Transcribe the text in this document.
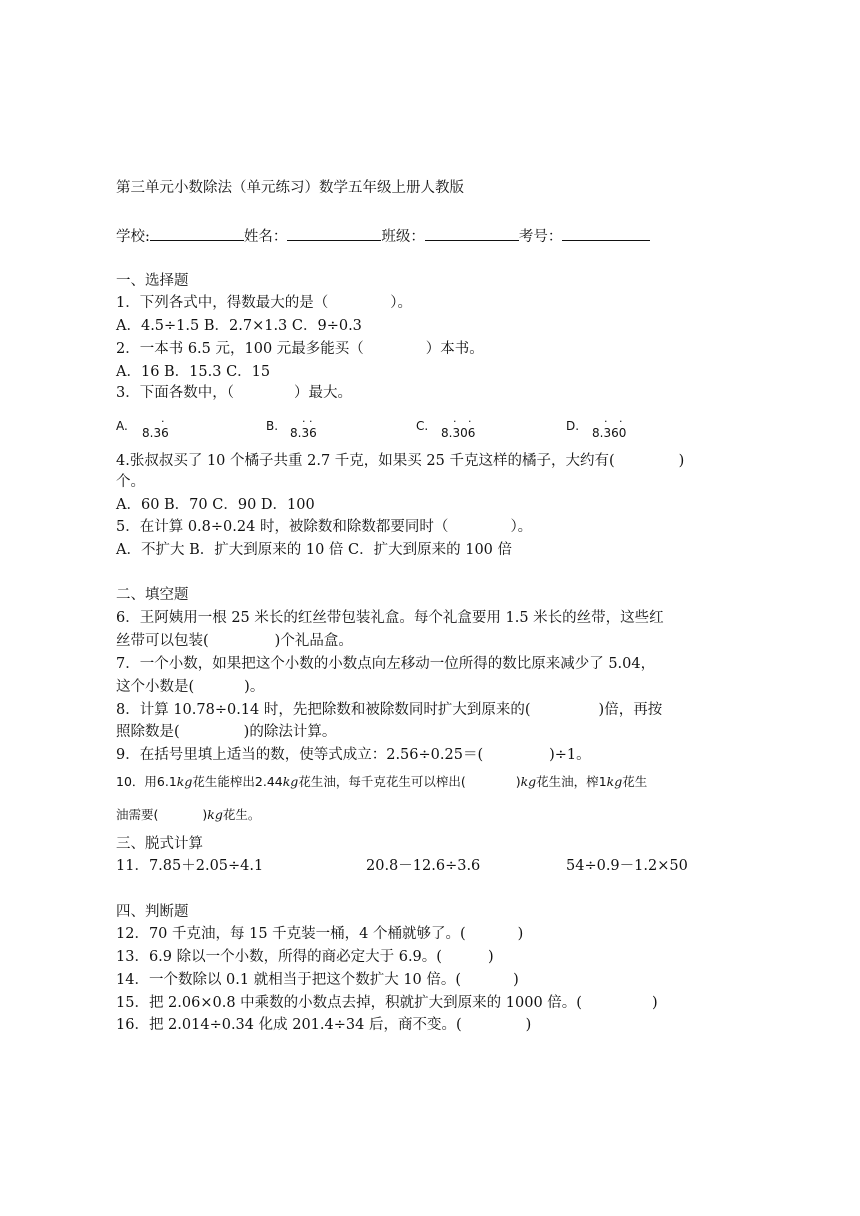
第三单元小数除法（单元练习）数学五年级上册人教版
学校:	姓名：	班级：	考号：
一、选择题
1．下列各式中，得数最大的是（	）。
A．4.5÷1.5 B．2.7×1.3 C．9÷0.3
2．一本书 6.5 元，100 元最多能买（	）本书。
A．16 B．15.3 C．15
3．下面各数中，（	）最大。
A. 8.36
·	B. 8.36
· ·	C. 8.306
· ·	D. 8.360
· ·
4.张叔叔买了 10 个橘子共重 2.7 千克，如果买 25 千克这样的橘子，大约有(	)
个。
A．60 B．70 C．90 D．100
5．在计算 0.8÷0.24 时，被除数和除数都要同时（	）。
A．不扩大 B．扩大到原来的 10 倍 C．扩大到原来的 100 倍
二、填空题
6．王阿姨用一根 25 米长的红丝带包装礼盒。每个礼盒要用 1.5 米长的丝带，这些红
丝带可以包装(	)个礼品盒。
7．一个小数，如果把这个小数的小数点向左移动一位所得的数比原来减少了 5.04，
这个小数是(	)。
8．计算 10.78÷0.14 时，先把除数和被除数同时扩大到原来的(	)倍，再按
照除数是(	)的除法计算。
9．在括号里填上适当的数，使等式成立：2.56÷0.25＝(	)÷1。
10．用6.1kg花生能榨出2.44kg花生油，每千克花生可以榨出(	)kg花生油，榨1kg花生
油需要(	)kg花生。
三、脱式计算
11．7.85＋2.05÷4.1	20.8－12.6÷3.6	54÷0.9－1.2×50
四、判断题
12．70 千克油，每 15 千克装一桶，4 个桶就够了。(	)
13．6.9 除以一个小数，所得的商必定大于 6.9。(	)
14．一个数除以 0.1 就相当于把这个数扩大 10 倍。(	)
15．把 2.06×0.8 中乘数的小数点去掉，积就扩大到原来的 1000 倍。(	)
16．把 2.014÷0.34 化成 201.4÷34 后，商不变。(	)
